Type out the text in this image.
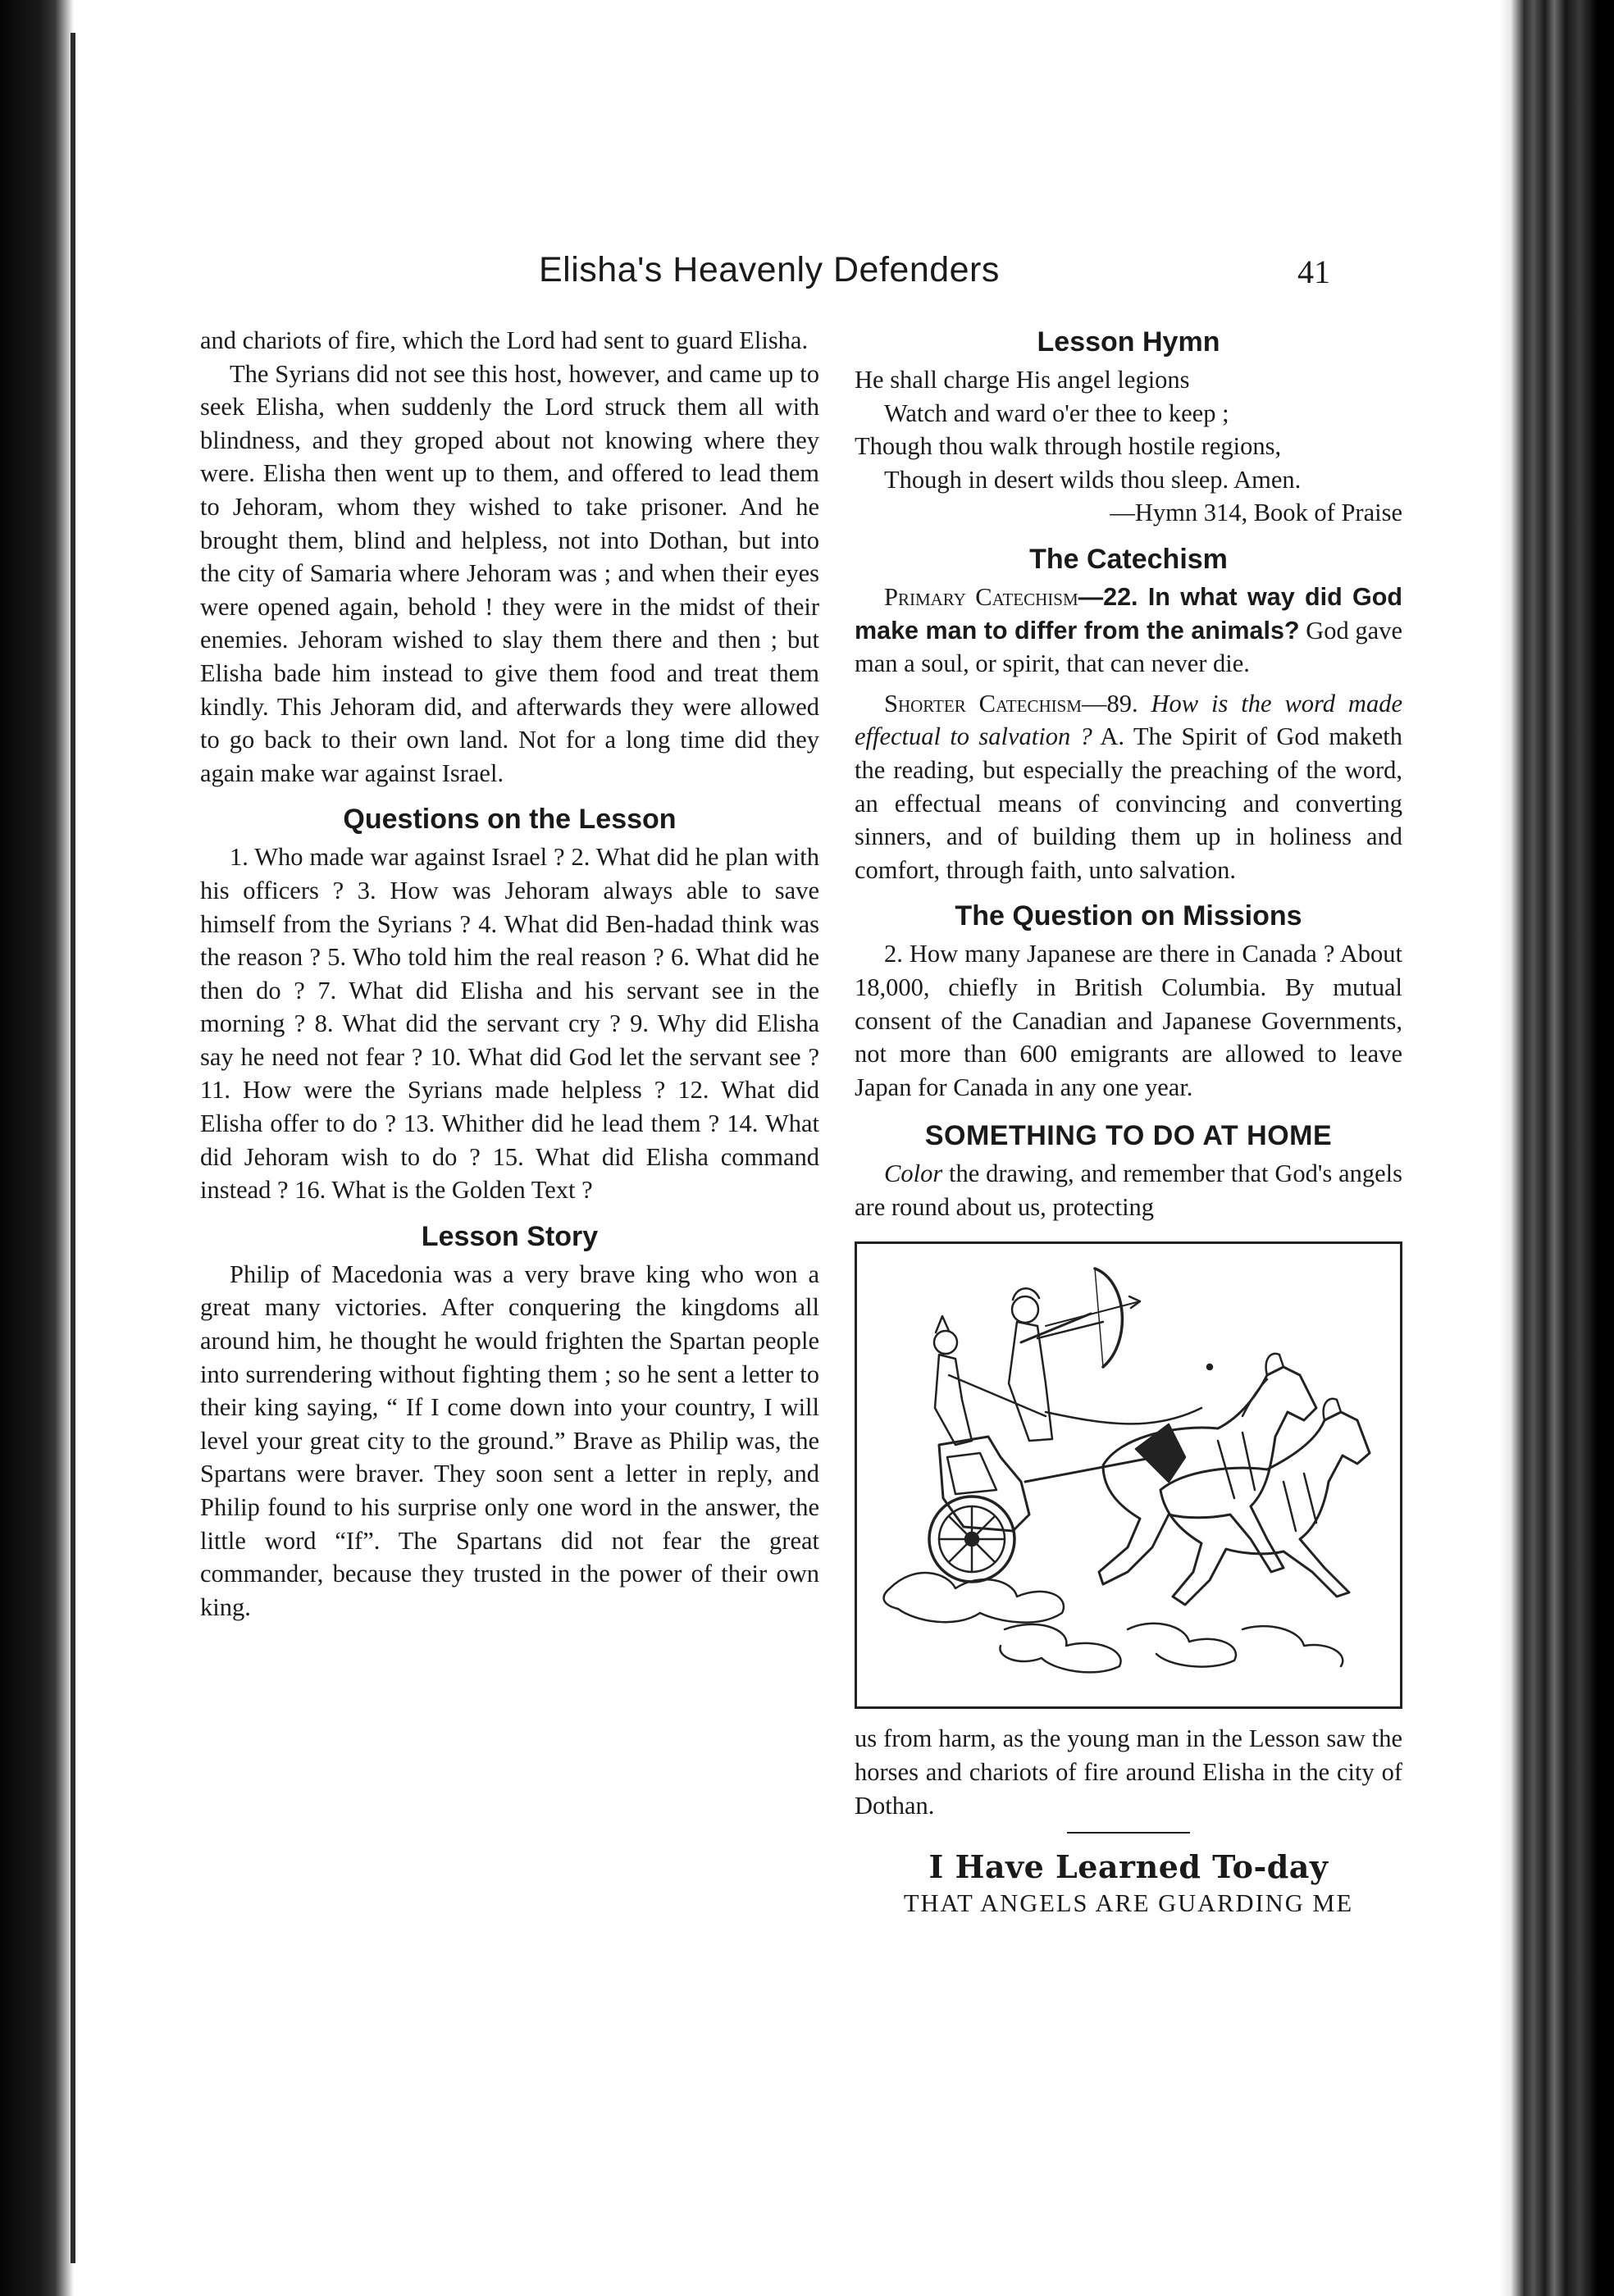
Elisha's Heavenly Defenders	41

and chariots of fire, which the Lord had sent to guard Elisha.

The Syrians did not see this host, however, and came up to seek Elisha, when suddenly the Lord struck them all with blindness, and they groped about not knowing where they were. Elisha then went up to them, and offered to lead them to Jehoram, whom they wished to take prisoner. And he brought them, blind and helpless, not into Dothan, but into the city of Samaria where Jehoram was ; and when their eyes were opened again, behold ! they were in the midst of their enemies. Jehoram wished to slay them there and then ; but Elisha bade him instead to give them food and treat them kindly. This Jehoram did, and afterwards they were allowed to go back to their own land. Not for a long time did they again make war against Israel.

Questions on the Lesson

1. Who made war against Israel ? 2. What did he plan with his officers ? 3. How was Jehoram always able to save himself from the Syrians ? 4. What did Ben-hadad think was the reason ? 5. Who told him the real reason ? 6. What did he then do ? 7. What did Elisha and his servant see in the morning ? 8. What did the servant cry ? 9. Why did Elisha say he need not fear ? 10. What did God let the servant see ? 11. How were the Syrians made helpless ? 12. What did Elisha offer to do ? 13. Whither did he lead them ? 14. What did Jehoram wish to do ? 15. What did Elisha command instead ? 16. What is the Golden Text ?

Lesson Story

Philip of Macedonia was a very brave king who won a great many victories. After conquering the kingdoms all around him, he thought he would frighten the Spartan people into surrendering without fighting them ; so he sent a letter to their king saying, “ If I come down into your country, I will level your great city to the ground.” Brave as Philip was, the Spartans were braver. They soon sent a letter in reply, and Philip found to his surprise only one word in the answer, the little word “If”. The Spartans did not fear the great commander, because they trusted in the power of their own king.

Lesson Hymn
He shall charge His angel legions
Watch and ward o'er thee to keep ;
Though thou walk through hostile regions,
Though in desert wilds thou sleep. Amen.
—Hymn 314, Book of Praise
The Catechism

Primary Catechism—22. In what way did God make man to differ from the animals? God gave man a soul, or spirit, that can never die.

Shorter Catechism—89. How is the word made effectual to salvation ? A. The Spirit of God maketh the reading, but especially the preaching of the word, an effectual means of convincing and converting sinners, and of building them up in holiness and comfort, through faith, unto salvation.

The Question on Missions

2. How many Japanese are there in Canada ? About 18,000, chiefly in British Columbia. By mutual consent of the Canadian and Japanese Governments, not more than 600 emigrants are allowed to leave Japan for Canada in any one year.

SOMETHING TO DO AT HOME

Color the drawing, and remember that God's angels are round about us, protecting

us from harm, as the young man in the Lesson saw the horses and chariots of fire around Elisha in the city of Dothan.

I Have Learned To-day
THAT ANGELS ARE GUARDING ME
